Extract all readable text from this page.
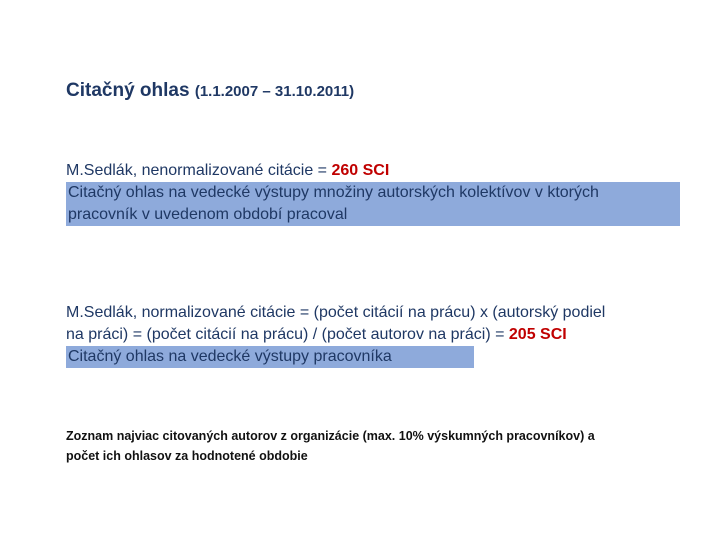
Citačný ohlas (1.1.2007 – 31.10.2011)
M.Sedlák, nenormalizované citácie = 260 SCI
Citačný ohlas na vedecké výstupy množiny autorských kolektívov v ktorých
pracovník v uvedenom období pracoval
M.Sedlák, normalizované citácie = (počet citácií na prácu) x (autorský podiel
na práci) = (počet citácií na prácu) / (počet autorov na práci) = 205 SCI
Citačný ohlas na vedecké výstupy pracovníka
Zoznam najviac citovaných autorov z organizácie (max. 10% výskumných pracovníkov) a
počet ich ohlasov za hodnotené obdobie
